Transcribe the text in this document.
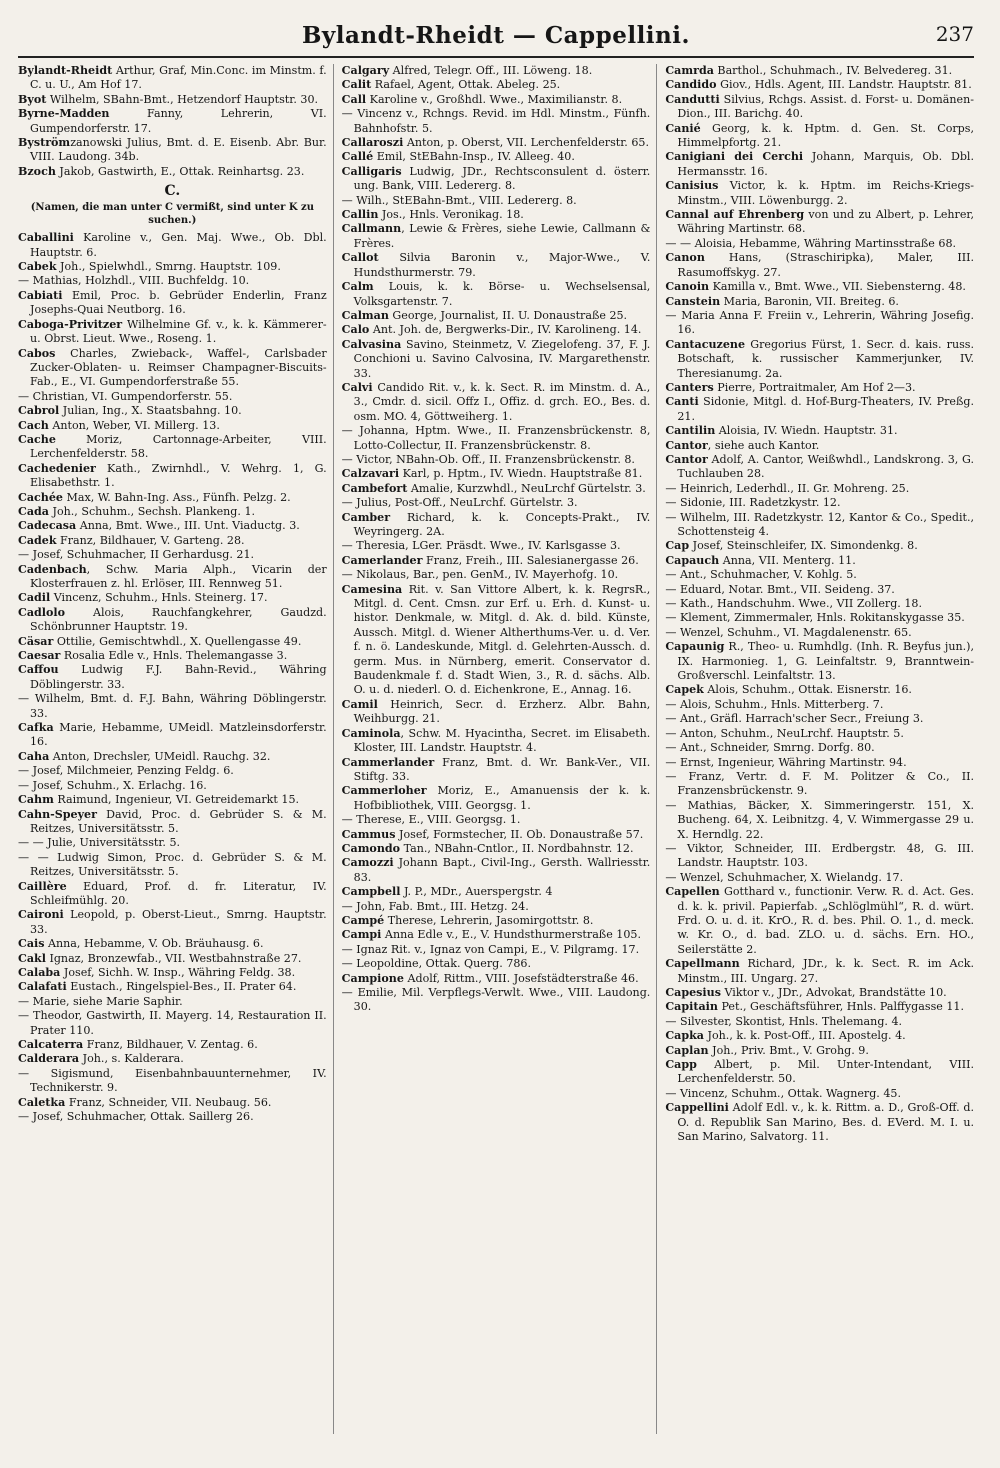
Bylandt-Rheidt — Cappellini.	237

Bylandt-Rheidt Arthur, Graf, Min.Conc. im Minstm. f. C. u. U., Am Hof 17.

Byot Wilhelm, SBahn-Bmt., Hetzendorf Hauptstr. 30.

Byrne-Madden Fanny, Lehrerin, VI. Gumpendorferstr. 17.

Byströmzanowski Julius, Bmt. d. E. Eisenb. Abr. Bur. VIII. Laudong. 34b.

Bzoch Jakob, Gastwirth, E., Ottak. Reinhartsg. 23.

C.
(Namen, die man unter C vermißt, sind unter K zu suchen.)

Caballini Karoline v., Gen. Maj. Wwe., Ob. Dbl. Hauptstr. 6.

Cabek Joh., Spielwhdl., Smrng. Hauptstr. 109.

— Mathias, Holzhdl., VIII. Buchfeldg. 10.

Cabiati Emil, Proc. b. Gebrüder Enderlin, Franz Josephs-Quai Neutborg. 16.

Caboga-Privitzer Wilhelmine Gf. v., k. k. Kämmerer- u. Obrst. Lieut. Wwe., Roseng. 1.

Cabos Charles, Zwieback-, Waffel-, Carlsbader Zucker-Oblaten- u. Reimser Champagner-Biscuits-Fab., E., VI. Gumpendorferstraße 55.

— Christian, VI. Gumpendorferstr. 55.

Cabrol Julian, Ing., X. Staatsbahng. 10.

Cach Anton, Weber, VI. Millerg. 13.

Cache Moriz, Cartonnage-Arbeiter, VIII. Lerchenfelderstr. 58.

Cachedenier Kath., Zwirnhdl., V. Wehrg. 1, G. Elisabethstr. 1.

Cachée Max, W. Bahn-Ing. Ass., Fünfh. Pelzg. 2.

Cada Joh., Schuhm., Sechsh. Plankeng. 1.

Cadecasa Anna, Bmt. Wwe., III. Unt. Viaductg. 3.

Cadek Franz, Bildhauer, V. Garteng. 28.

— Josef, Schuhmacher, II Gerhardusg. 21.

Cadenbach, Schw. Maria Alph., Vicarin der Klosterfrauen z. hl. Erlöser, III. Rennweg 51.

Cadil Vincenz, Schuhm., Hnls. Steinerg. 17.

Cadlolo Alois, Rauchfangkehrer, Gaudzd. Schönbrunner Hauptstr. 19.

Cäsar Ottilie, Gemischtwhdl., X. Quellengasse 49.

Caesar Rosalia Edle v., Hnls. Thelemangasse 3.

Caffou Ludwig F.J. Bahn-Revid., Währing Döblingerstr. 33.

— Wilhelm, Bmt. d. F.J. Bahn, Währing Döblingerstr. 33.

Cafka Marie, Hebamme, UMeidl. Matzleinsdorferstr. 16.

Caha Anton, Drechsler, UMeidl. Rauchg. 32.

— Josef, Milchmeier, Penzing Feldg. 6.

— Josef, Schuhm., X. Erlachg. 16.

Cahm Raimund, Ingenieur, VI. Getreidemarkt 15.

Cahn-Speyer David, Proc. d. Gebrüder S. & M. Reitzes, Universitätsstr. 5.

— — Julie, Universitätsstr. 5.

— — Ludwig Simon, Proc. d. Gebrüder S. & M. Reitzes, Universitätsstr. 5.

Caillère Eduard, Prof. d. fr. Literatur, IV. Schleifmühlg. 20.

Caironi Leopold, p. Oberst-Lieut., Smrng. Hauptstr. 33.

Cais Anna, Hebamme, V. Ob. Bräuhausg. 6.

Cakl Ignaz, Bronzewfab., VII. Westbahnstraße 27.

Calaba Josef, Sichh. W. Insp., Währing Feldg. 38.

Calafati Eustach., Ringelspiel-Bes., II. Prater 64.

— Marie, siehe Marie Saphir.

— Theodor, Gastwirth, II. Mayerg. 14, Restauration II. Prater 110.

Calcaterra Franz, Bildhauer, V. Zentag. 6.

Calderara Joh., s. Kalderara.

— Sigismund, Eisenbahnbauunternehmer, IV. Technikerstr. 9.

Caletka Franz, Schneider, VII. Neubaug. 56.

— Josef, Schuhmacher, Ottak. Saillerg 26.

Calgary Alfred, Telegr. Off., III. Löweng. 18.

Calit Rafael, Agent, Ottak. Abeleg. 25.

Call Karoline v., Großhdl. Wwe., Maximilianstr. 8.

— Vincenz v., Rchngs. Revid. im Hdl. Minstm., Fünfh. Bahnhofstr. 5.

Callaroszi Anton, p. Oberst, VII. Lerchenfelderstr. 65.

Callé Emil, StEBahn-Insp., IV. Alleeg. 40.

Calligaris Ludwig, JDr., Rechtsconsulent d. österr. ung. Bank, VIII. Ledererg. 8.

— Wilh., StEBahn-Bmt., VIII. Ledererg. 8.

Callin Jos., Hnls. Veronikag. 18.

Callmann, Lewie & Frères, siehe Lewie, Callmann & Frères.

Callot Silvia Baronin v., Major-Wwe., V. Hundsthurmerstr. 79.

Calm Louis, k. k. Börse- u. Wechselsensal, Volksgartenstr. 7.

Calman George, Journalist, II. U. Donaustraße 25.

Calo Ant. Joh. de, Bergwerks-Dir., IV. Karolineng. 14.

Calvasina Savino, Steinmetz, V. Ziegelofeng. 37, F. J. Conchioni u. Savino Calvosina, IV. Margarethenstr. 33.

Calvi Candido Rit. v., k. k. Sect. R. im Minstm. d. A., 3., Cmdr. d. sicil. Offz I., Offiz. d. grch. EO., Bes. d. osm. MO. 4, Göttweiherg. 1.

— Johanna, Hptm. Wwe., II. Franzensbrückenstr. 8, Lotto-Collectur, II. Franzensbrückenstr. 8.

— Victor, NBahn-Ob. Off., II. Franzensbrückenstr. 8.

Calzavari Karl, p. Hptm., IV. Wiedn. Hauptstraße 81.

Cambefort Amalie, Kurzwhdl., NeuLrchf Gürtelstr. 3.

— Julius, Post-Off., NeuLrchf. Gürtelstr. 3.

Camber Richard, k. k. Concepts-Prakt., IV. Weyringerg. 2A.

— Theresia, LGer. Präsdt. Wwe., IV. Karlsgasse 3.

Camerlander Franz, Freih., III. Salesianergasse 26.

— Nikolaus, Bar., pen. GenM., IV. Mayerhofg. 10.

Camesina Rit. v. San Vittore Albert, k. k. RegrsR., Mitgl. d. Cent. Cmsn. zur Erf. u. Erh. d. Kunst- u. histor. Denkmale, w. Mitgl. d. Ak. d. bild. Künste, Aussch. Mitgl. d. Wiener Altherthums-Ver. u. d. Ver. f. n. ö. Landeskunde, Mitgl. d. Gelehrten-Aussch. d. germ. Mus. in Nürnberg, emerit. Conservator d. Baudenkmale f. d. Stadt Wien, 3., R. d. sächs. Alb. O. u. d. niederl. O. d. Eichenkrone, E., Annag. 16.

Camil Heinrich, Secr. d. Erzherz. Albr. Bahn, Weihburgg. 21.

Caminola, Schw. M. Hyacintha, Secret. im Elisabeth. Kloster, III. Landstr. Hauptstr. 4.

Cammerlander Franz, Bmt. d. Wr. Bank-Ver., VII. Stiftg. 33.

Cammerloher Moriz, E., Amanuensis der k. k. Hofbibliothek, VIII. Georgsg. 1.

— Therese, E., VIII. Georgsg. 1.

Cammus Josef, Formstecher, II. Ob. Donaustraße 57.

Camondo Tan., NBahn-Cntlor., II. Nordbahnstr. 12.

Camozzi Johann Bapt., Civil-Ing., Gersth. Wallriesstr. 83.

Campbell J. P., MDr., Auerspergstr. 4

— John, Fab. Bmt., III. Hetzg. 24.

Campé Therese, Lehrerin, Jasomirgottstr. 8.

Campi Anna Edle v., E., V. Hundsthurmerstraße 105.

— Ignaz Rit. v., Ignaz von Campi, E., V. Pilgramg. 17.

— Leopoldine, Ottak. Querg. 786.

Campione Adolf, Rittm., VIII. Josefstädterstraße 46.

— Emilie, Mil. Verpflegs-Verwlt. Wwe., VIII. Laudong. 30.

Camrda Barthol., Schuhmach., IV. Belvedereg. 31.

Candido Giov., Hdls. Agent, III. Landstr. Hauptstr. 81.

Candutti Silvius, Rchgs. Assist. d. Forst- u. Domänen-Dion., III. Barichg. 40.

Canié Georg, k. k. Hptm. d. Gen. St. Corps, Himmelpfortg. 21.

Canigiani dei Cerchi Johann, Marquis, Ob. Dbl. Hermansstr. 16.

Canisius Victor, k. k. Hptm. im Reichs-Kriegs-Minstm., VIII. Löwenburgg. 2.

Cannal auf Ehrenberg von und zu Albert, p. Lehrer, Währing Martinstr. 68.

— — Aloisia, Hebamme, Währing Martinsstraße 68.

Canon Hans, (Straschiripka), Maler, III. Rasumoffskyg. 27.

Canoin Kamilla v., Bmt. Wwe., VII. Siebensterng. 48.

Canstein Maria, Baronin, VII. Breiteg. 6.

— Maria Anna F. Freiin v., Lehrerin, Währing Josefig. 16.

Cantacuzene Gregorius Fürst, 1. Secr. d. kais. russ. Botschaft, k. russischer Kammerjunker, IV. Theresianumg. 2a.

Canters Pierre, Portraitmaler, Am Hof 2—3.

Canti Sidonie, Mitgl. d. Hof-Burg-Theaters, IV. Preßg. 21.

Cantilin Aloisia, IV. Wiedn. Hauptstr. 31.

Cantor, siehe auch Kantor.

Cantor Adolf, A. Cantor, Weißwhdl., Landskrong. 3, G. Tuchlauben 28.

— Heinrich, Lederhdl., II. Gr. Mohreng. 25.

— Sidonie, III. Radetzkystr. 12.

— Wilhelm, III. Radetzkystr. 12, Kantor & Co., Spedit., Schottensteig 4.

Cap Josef, Steinschleifer, IX. Simondenkg. 8.

Capauch Anna, VII. Menterg. 11.

— Ant., Schuhmacher, V. Kohlg. 5.

— Eduard, Notar. Bmt., VII. Seideng. 37.

— Kath., Handschuhm. Wwe., VII Zollerg. 18.

— Klement, Zimmermaler, Hnls. Rokitanskygasse 35.

— Wenzel, Schuhm., VI. Magdalenenstr. 65.

Capaunig R., Theo- u. Rumhdlg. (Inh. R. Beyfus jun.), IX. Harmonieg. 1, G. Leinfaltstr. 9, Branntwein-Großverschl. Leinfaltstr. 13.

Capek Alois, Schuhm., Ottak. Eisnerstr. 16.

— Alois, Schuhm., Hnls. Mitterberg. 7.

— Ant., Gräfl. Harrach'scher Secr., Freiung 3.

— Anton, Schuhm., NeuLrchf. Hauptstr. 5.

— Ant., Schneider, Smrng. Dorfg. 80.

— Ernst, Ingenieur, Währing Martinstr. 94.

— Franz, Vertr. d. F. M. Politzer & Co., II. Franzensbrückenstr. 9.

— Mathias, Bäcker, X. Simmeringerstr. 151, X. Bucheng. 64, X. Leibnitzg. 4, V. Wimmergasse 29 u. X. Herndlg. 22.

— Viktor, Schneider, III. Erdbergstr. 48, G. III. Landstr. Hauptstr. 103.

— Wenzel, Schuhmacher, X. Wielandg. 17.

Capellen Gotthard v., functionir. Verw. R. d. Act. Ges. d. k. k. privil. Papierfab. „Schlöglmühl“, R. d. würt. Frd. O. u. d. it. KrO., R. d. bes. Phil. O. 1., d. meck. w. Kr. O., d. bad. ZLO. u. d. sächs. Ern. HO., Seilerstätte 2.

Capellmann Richard, JDr., k. k. Sect. R. im Ack. Minstm., III. Ungarg. 27.

Capesius Viktor v., JDr., Advokat, Brandstätte 10.

Capitain Pet., Geschäftsführer, Hnls. Palffygasse 11.

— Silvester, Skontist, Hnls. Thelemang. 4.

Capka Joh., k. k. Post-Off., III. Apostelg. 4.

Caplan Joh., Priv. Bmt., V. Grohg. 9.

Capp Albert, p. Mil. Unter-Intendant, VIII. Lerchenfelderstr. 50.

— Vincenz, Schuhm., Ottak. Wagnerg. 45.

Cappellini Adolf Edl. v., k. k. Rittm. a. D., Groß-Off. d. O. d. Republik San Marino, Bes. d. EVerd. M. I. u. San Marino, Salvatorg. 11.
